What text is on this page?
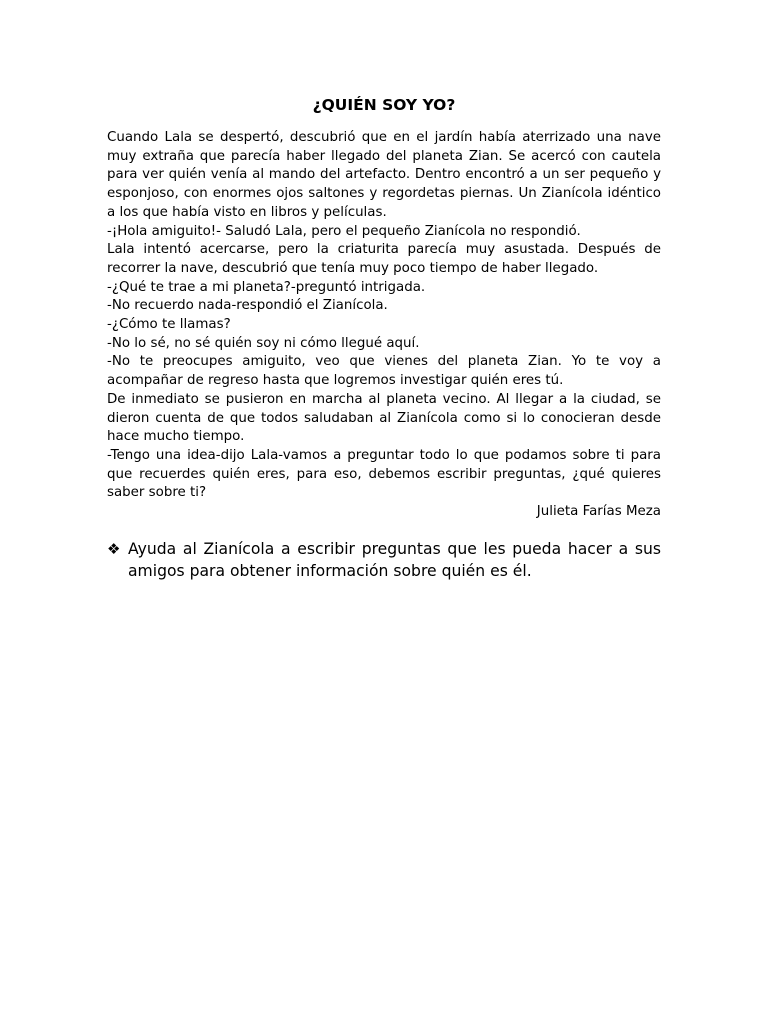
¿QUIÉN SOY YO?

Cuando Lala se despertó, descubrió que en el jardín había aterrizado una nave muy extraña que parecía haber llegado del planeta Zian. Se acercó con cautela para ver quién venía al mando del artefacto. Dentro encontró a un ser pequeño y esponjoso, con enormes ojos saltones y regordetas piernas. Un Zianícola idéntico a los que había visto en libros y películas.

-¡Hola amiguito!- Saludó Lala, pero el pequeño Zianícola no respondió.

Lala intentó acercarse, pero la criaturita parecía muy asustada. Después de recorrer la nave, descubrió que tenía muy poco tiempo de haber llegado.

-¿Qué te trae a mi planeta?-preguntó intrigada.

-No recuerdo nada-respondió el Zianícola.

-¿Cómo te llamas?

-No lo sé, no sé quién soy ni cómo llegué aquí.

-No te preocupes amiguito, veo que vienes del planeta Zian. Yo te voy a acompañar de regreso hasta que logremos investigar quién eres tú.

De inmediato se pusieron en marcha al planeta vecino. Al llegar a la ciudad, se dieron cuenta de que todos saludaban al Zianícola como si lo conocieran desde hace mucho tiempo.

-Tengo una idea-dijo Lala-vamos a preguntar todo lo que podamos sobre ti para que recuerdes quién eres, para eso, debemos escribir preguntas, ¿qué quieres saber sobre ti?

Julieta Farías Meza

❖ Ayuda al Zianícola a escribir preguntas que les pueda hacer a sus amigos para obtener información sobre quién es él.
